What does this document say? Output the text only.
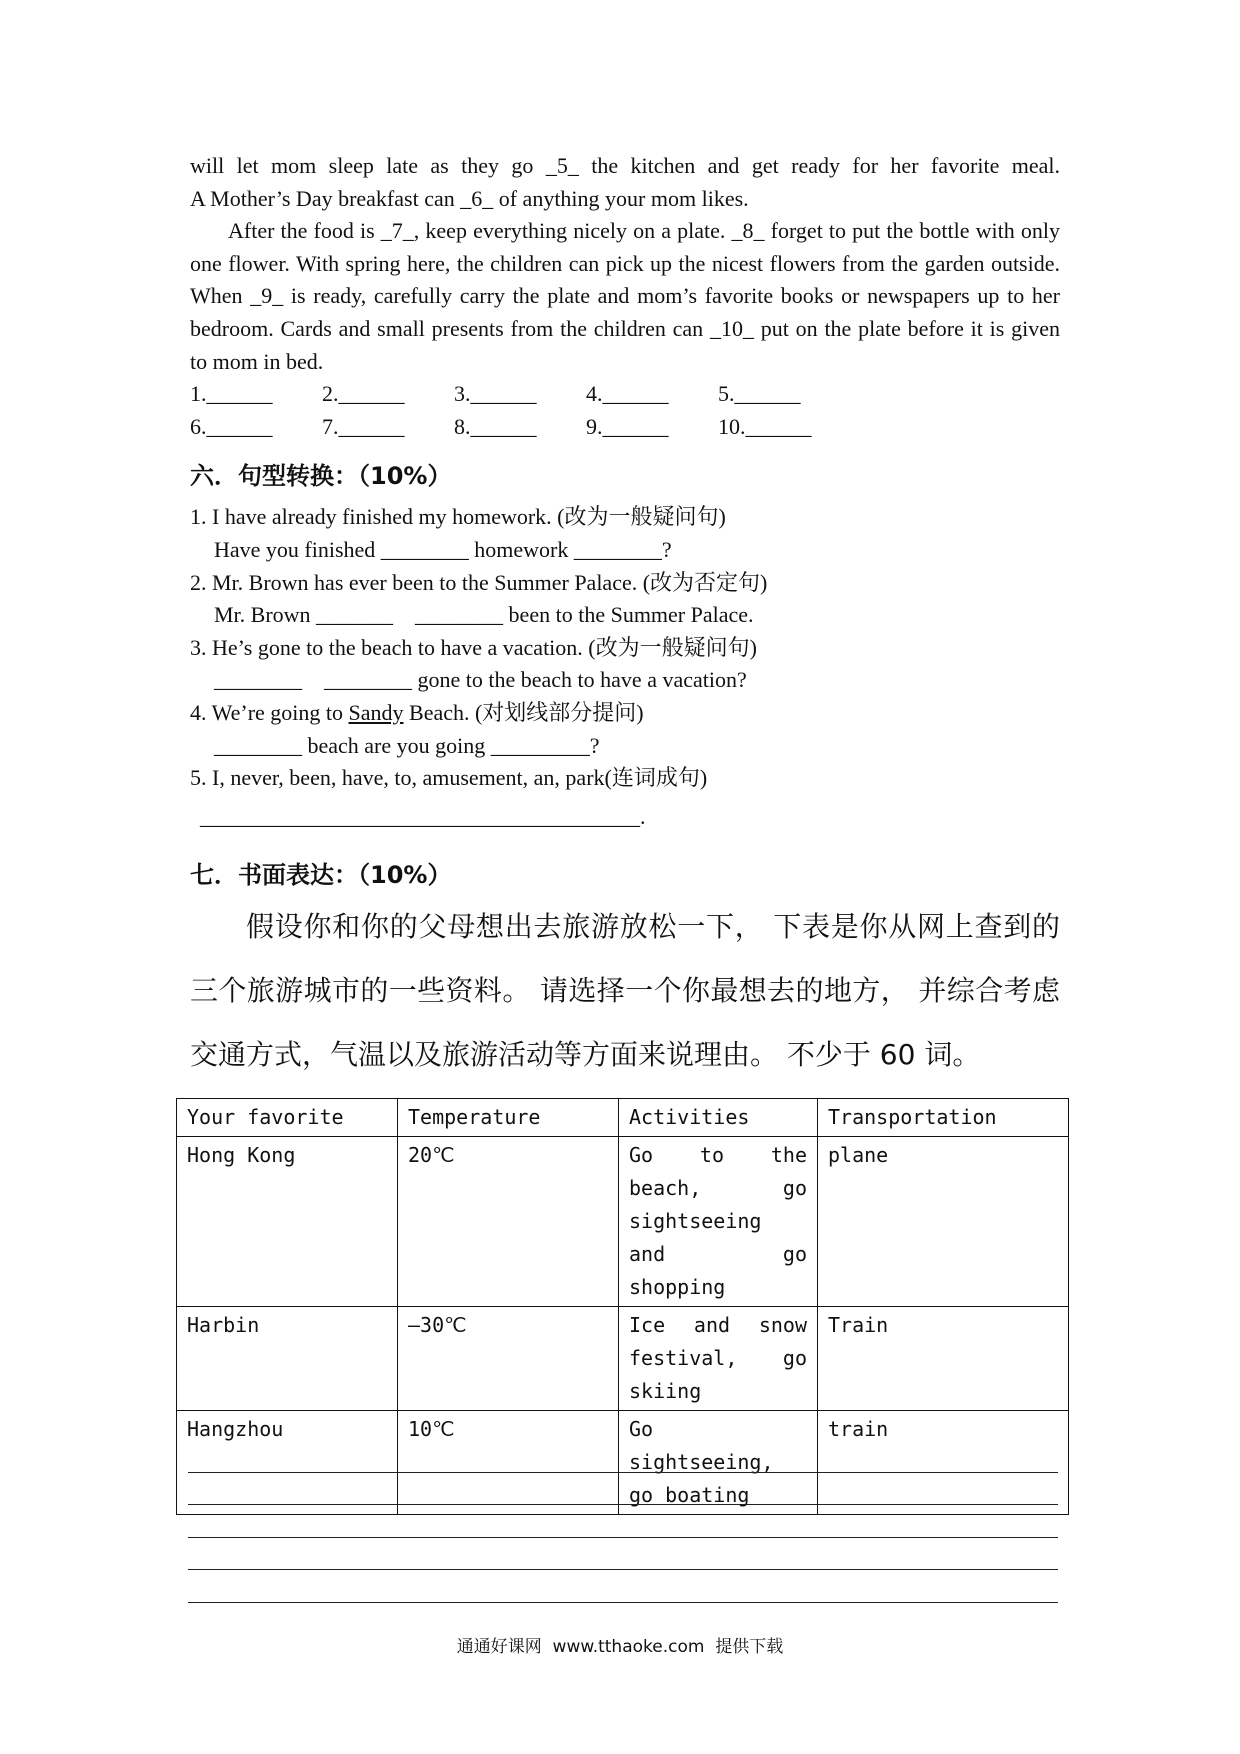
will let mom sleep late as they go _5_ the kitchen and get ready for her favorite meal.

A Mother’s Day breakfast can _6_ of anything your mom likes.

After the food is _7_, keep everything nicely on a plate. _8_ forget to put the bottle with only one flower. With spring here, the children can pick up the nicest flowers from the garden outside. When _9_ is ready, carefully carry the plate and mom’s favorite books or newspapers up to her bedroom. Cards and small presents from the children can _10_ put on the plate before it is given to mom in bed.

1.______	2.______	3.______	4.______	5.______
6.______	7.______	8.______	9.______	10.______
六．句型转换：（10%）

1. I have already finished my homework. (改为一般疑问句)

Have you finished ________ homework ________?

2. Mr. Brown has ever been to the Summer Palace. (改为否定句)

Mr. Brown _______    ________ been to the Summer Palace.

3. He’s gone to the beach to have a vacation. (改为一般疑问句)

________    ________ gone to the beach to have a vacation?

4. We’re going to Sandy Beach. (对划线部分提问)

________ beach are you going _________?

5. I, never, been, have, to, amusement, an, park(连词成句)

________________________________________.

七．书面表达：（10%）

假设你和你的父母想出去旅游放松一下， 下表是你从网上查到的三个旅游城市的一些资料。 请选择一个你最想去的地方， 并综合考虑交通方式，气温以及旅游活动等方面来说理由。 不少于 60 词。

Your favorite	Temperature	Activities	Transportation
Hong Kong	20℃	Go to the beach, go sightseeing and go shopping	plane
Harbin	—30℃	Ice and snow festival, go skiing	Train
Hangzhou	10℃	Go sightseeing, go boating	train
通通好课网  www.tthaoke.com  提供下载
